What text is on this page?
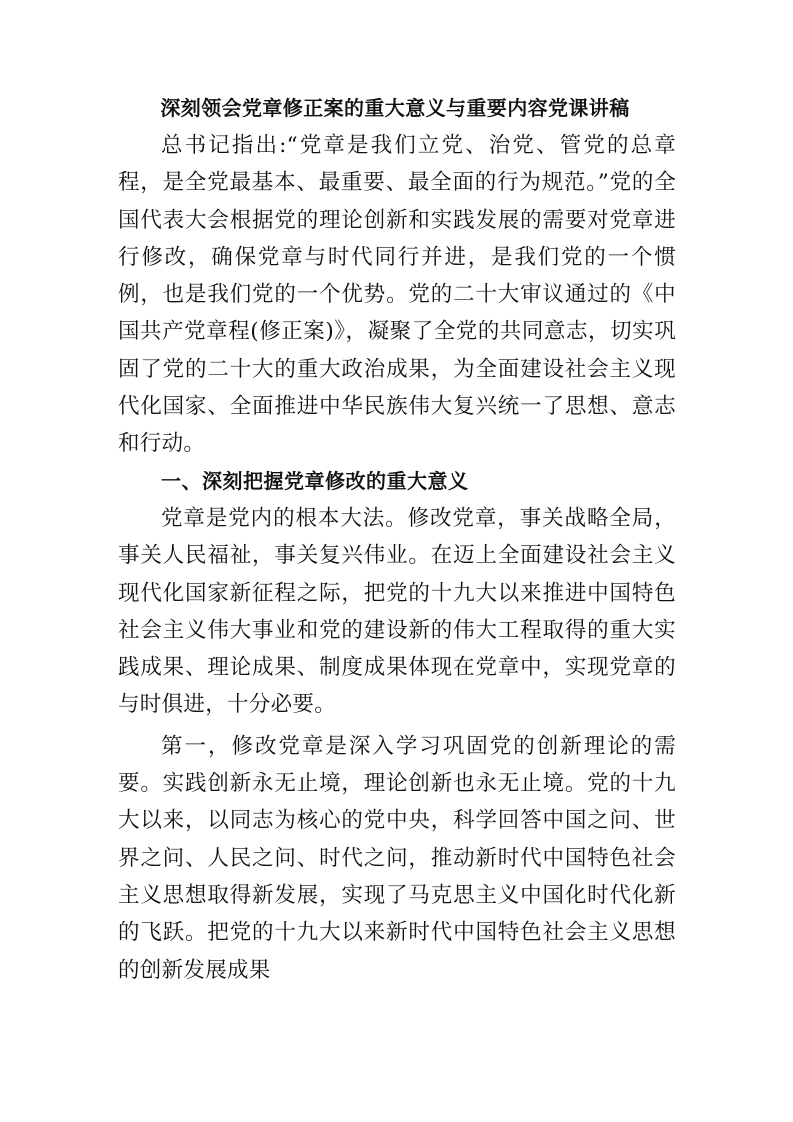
深刻领会党章修正案的重大意义与重要内容党课讲稿

总书记指出:“党章是我们立党、治党、管党的总章程，是全党最基本、最重要、最全面的行为规范。”党的全国代表大会根据党的理论创新和实践发展的需要对党章进行修改，确保党章与时代同行并进，是我们党的一个惯例，也是我们党的一个优势。党的二十大审议通过的《中国共产党章程(修正案)》，凝聚了全党的共同意志，切实巩固了党的二十大的重大政治成果，为全面建设社会主义现代化国家、全面推进中华民族伟大复兴统一了思想、意志和行动。

一、深刻把握党章修改的重大意义

党章是党内的根本大法。修改党章，事关战略全局，事关人民福祉，事关复兴伟业。在迈上全面建设社会主义现代化国家新征程之际，把党的十九大以来推进中国特色社会主义伟大事业和党的建设新的伟大工程取得的重大实践成果、理论成果、制度成果体现在党章中，实现党章的与时俱进，十分必要。

第一，修改党章是深入学习巩固党的创新理论的需要。实践创新永无止境，理论创新也永无止境。党的十九大以来，以同志为核心的党中央，科学回答中国之问、世界之问、人民之问、时代之问，推动新时代中国特色社会主义思想取得新发展，实现了马克思主义中国化时代化新的飞跃。把党的十九大以来新时代中国特色社会主义思想的创新发展成果
